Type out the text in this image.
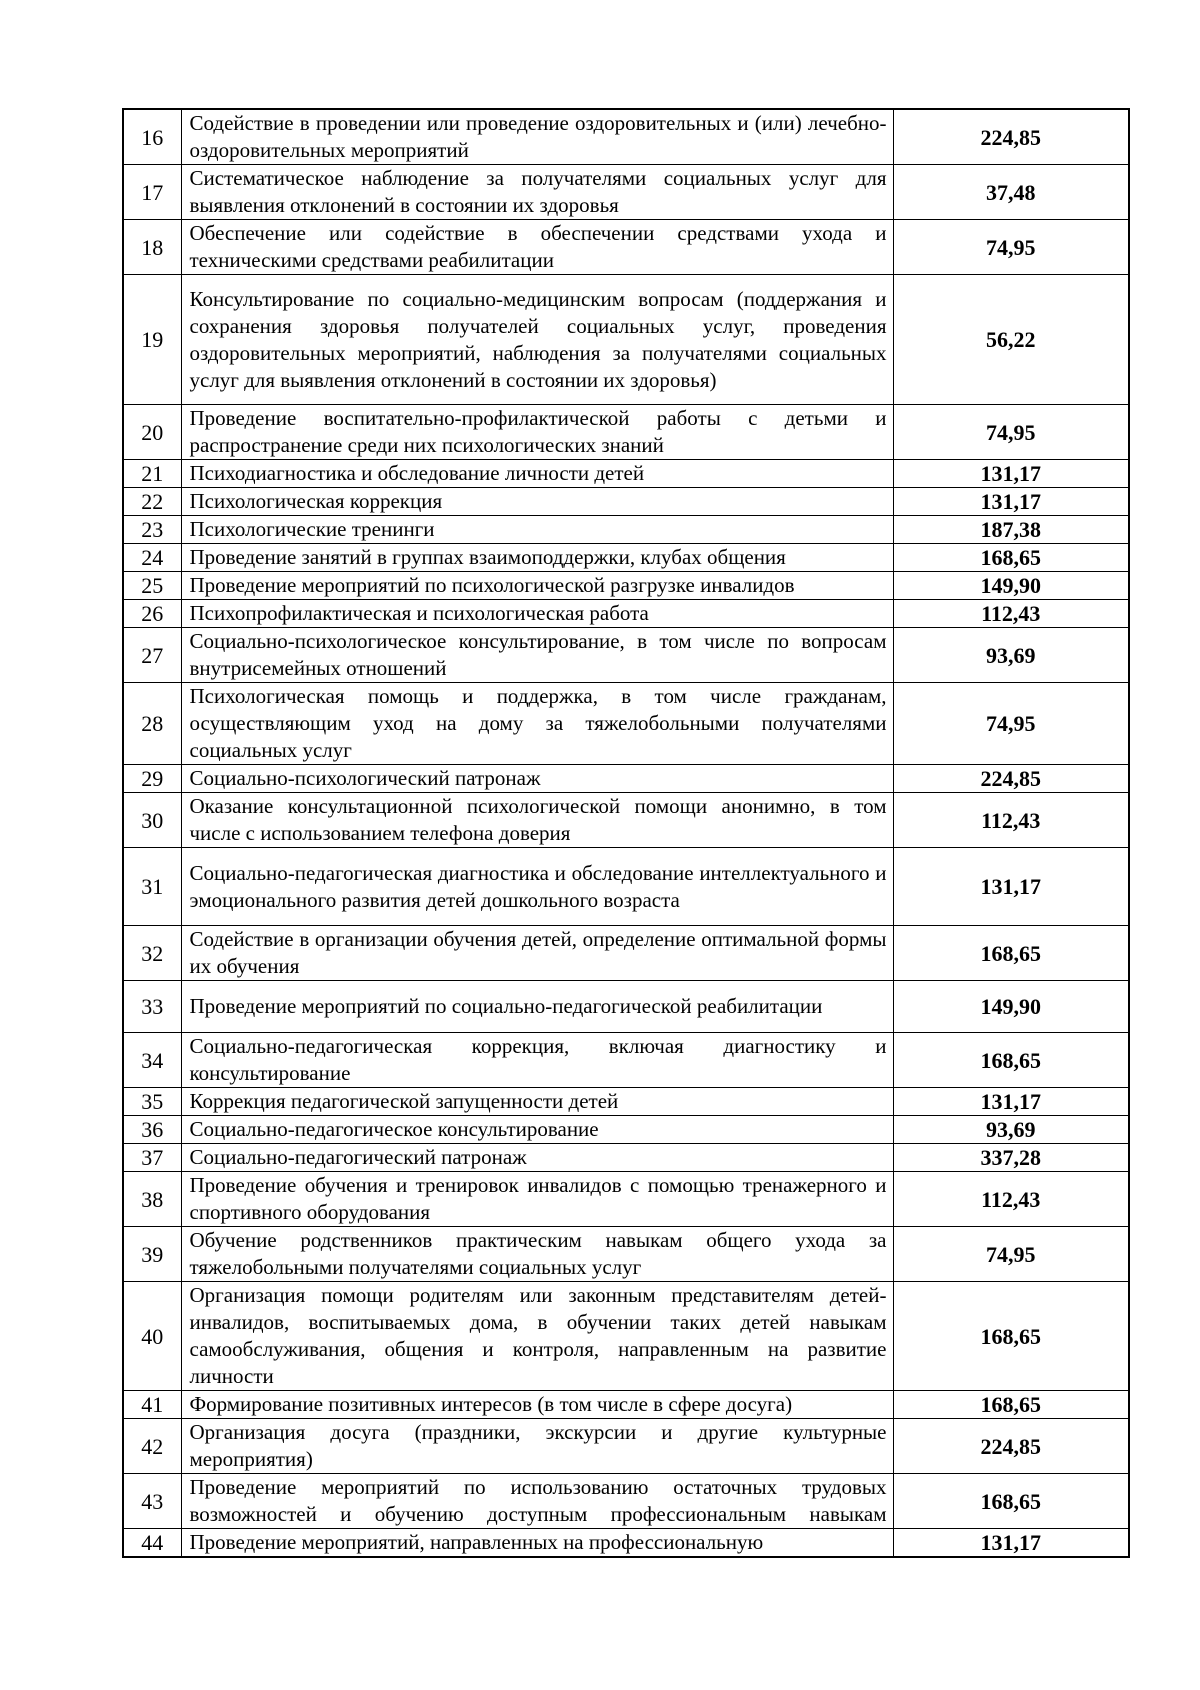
16	Содействие в проведении или проведение оздоровительных и (или) лечебно-оздоровительных мероприятий	224,85
17	Систематическое наблюдение за получателями социальных услуг для выявления отклонений в состоянии их здоровья	37,48
18	Обеспечение или содействие в обеспечении средствами ухода и техническими средствами реабилитации	74,95
19	Консультирование по социально-медицинским вопросам (поддержания и сохранения здоровья получателей социальных услуг, проведения оздоровительных мероприятий, наблюдения за получателями социальных услуг для выявления отклонений в состоянии их здоровья)	56,22
20	Проведение воспитательно-профилактической работы с детьми и распространение среди них психологических знаний	74,95
21	Психодиагностика и обследование личности детей	131,17
22	Психологическая коррекция	131,17
23	Психологические тренинги	187,38
24	Проведение занятий в группах взаимоподдержки, клубах общения	168,65
25	Проведение мероприятий по психологической разгрузке инвалидов	149,90
26	Психопрофилактическая и психологическая работа	112,43
27	Социально-психологическое консультирование, в том числе по вопросам внутрисемейных отношений	93,69
28	Психологическая помощь и поддержка, в том числе гражданам, осуществляющим уход на дому за тяжелобольными получателями социальных услуг	74,95
29	Социально-психологический патронаж	224,85
30	Оказание консультационной психологической помощи анонимно, в том числе с использованием телефона доверия	112,43
31	Социально-педагогическая диагностика и обследование интеллектуального и эмоционального развития детей дошкольного возраста	131,17
32	Содействие в организации обучения детей, определение оптимальной формы их обучения	168,65
33	Проведение мероприятий по социально-педагогической реабилитации	149,90
34	Социально-педагогическая коррекция, включая диагностику и консультирование	168,65
35	Коррекция педагогической запущенности детей	131,17
36	Социально-педагогическое консультирование	93,69
37	Социально-педагогический патронаж	337,28
38	Проведение обучения и тренировок инвалидов с помощью тренажерного и спортивного оборудования	112,43
39	Обучение родственников практическим навыкам общего ухода за тяжелобольными получателями социальных услуг	74,95
40	Организация помощи родителям или законным представителям детей-инвалидов, воспитываемых дома, в обучении таких детей навыкам самообслуживания, общения и контроля, направленным на развитие личности	168,65
41	Формирование позитивных интересов (в том числе в сфере досуга)	168,65
42	Организация досуга (праздники, экскурсии и другие культурные мероприятия)	224,85
43	Проведение мероприятий по использованию остаточных трудовых возможностей и обучению доступным профессиональным навыкам	168,65
44	Проведение мероприятий, направленных на профессиональную	131,17
